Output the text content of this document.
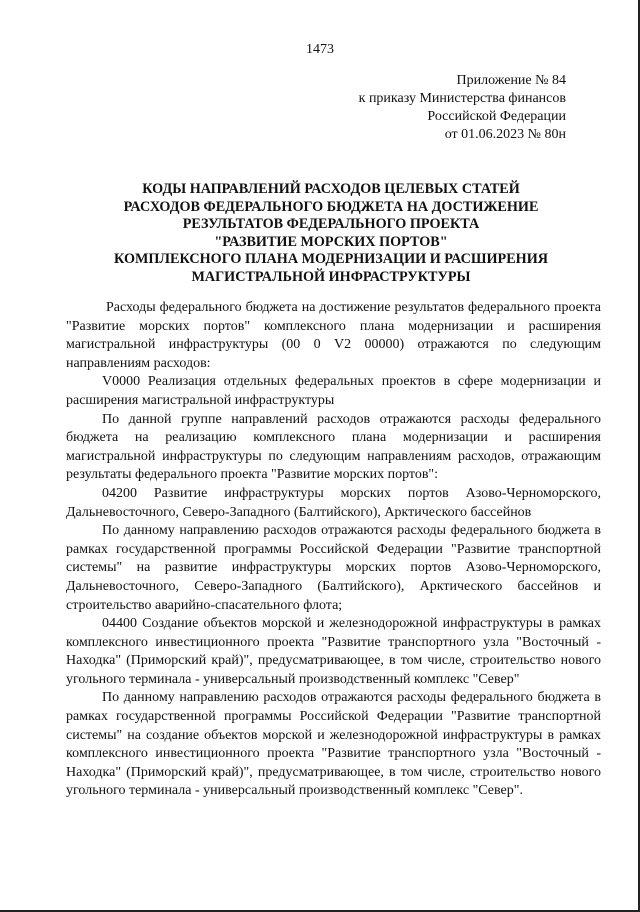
1473
Приложение № 84
к приказу Министерства финансов
Российской Федерации
от 01.06.2023 № 80н
КОДЫ НАПРАВЛЕНИЙ РАСХОДОВ ЦЕЛЕВЫХ СТАТЕЙ
РАСХОДОВ ФЕДЕРАЛЬНОГО БЮДЖЕТА НА ДОСТИЖЕНИЕ
РЕЗУЛЬТАТОВ ФЕДЕРАЛЬНОГО ПРОЕКТА
"РАЗВИТИЕ МОРСКИХ ПОРТОВ"
КОМПЛЕКСНОГО ПЛАНА МОДЕРНИЗАЦИИ И РАСШИРЕНИЯ
МАГИСТРАЛЬНОЙ ИНФРАСТРУКТУРЫ

Расходы федерального бюджета на достижение результатов федерального проекта "Развитие морских портов" комплексного плана модернизации и расширения магистральной инфраструктуры (00 0 V2 00000) отражаются по следующим направлениям расходов:

V0000 Реализация отдельных федеральных проектов в сфере модернизации и расширения магистральной инфраструктуры

По данной группе направлений расходов отражаются расходы федерального бюджета на реализацию комплексного плана модернизации и расширения магистральной инфраструктуры по следующим направлениям расходов, отражающим результаты федерального проекта "Развитие морских портов":

04200 Развитие инфраструктуры морских портов Азово-Черноморского, Дальневосточного, Северо-Западного (Балтийского), Арктического бассейнов

По данному направлению расходов отражаются расходы федерального бюджета в рамках государственной программы Российской Федерации "Развитие транспортной системы" на развитие инфраструктуры морских портов Азово-Черноморского, Дальневосточного, Северо-Западного (Балтийского), Арктического бассейнов и строительство аварийно-спасательного флота;

04400 Создание объектов морской и железнодорожной инфраструктуры в рамках комплексного инвестиционного проекта "Развитие транспортного узла "Восточный - Находка" (Приморский край)", предусматривающее, в том числе, строительство нового угольного терминала - универсальный производственный комплекс "Север"

По данному направлению расходов отражаются расходы федерального бюджета в рамках государственной программы Российской Федерации "Развитие транспортной системы" на создание объектов морской и железнодорожной инфраструктуры в рамках комплексного инвестиционного проекта "Развитие транспортного узла "Восточный - Находка" (Приморский край)", предусматривающее, в том числе, строительство нового угольного терминала - универсальный производственный комплекс "Север".
